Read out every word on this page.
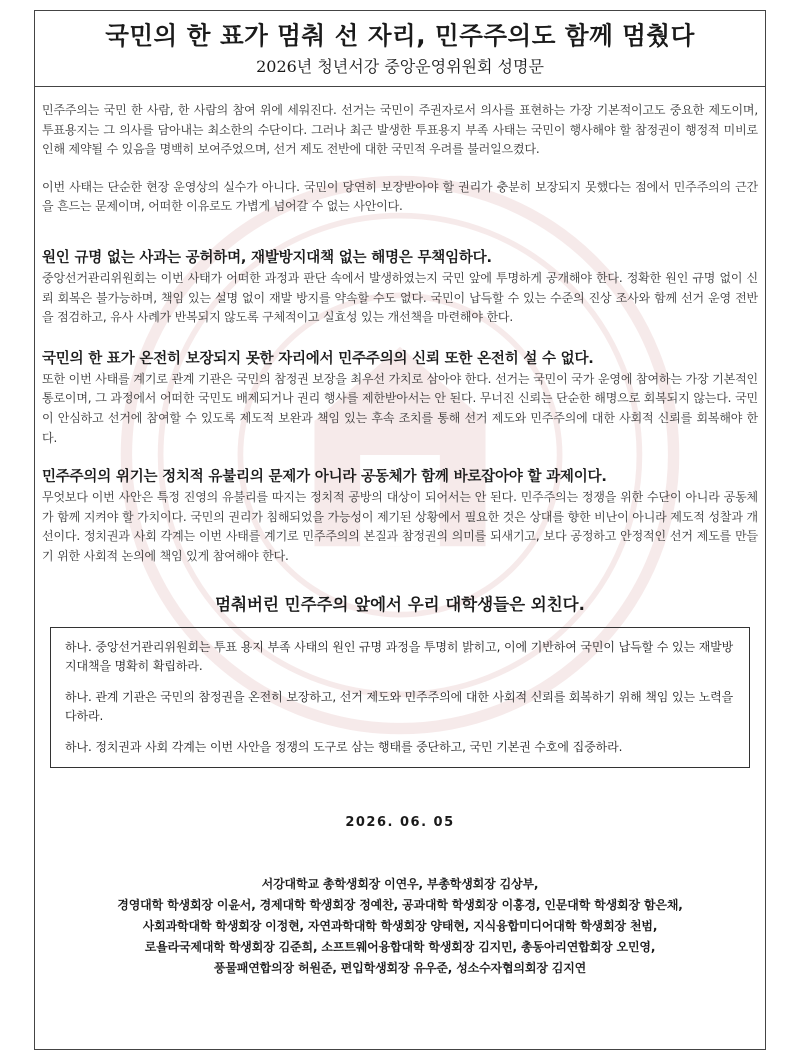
국민의 한 표가 멈춰 선 자리, 민주주의도 함께 멈췄다

2026년 청년서강 중앙운영위원회 성명문

민주주의는 국민 한 사람, 한 사람의 참여 위에 세워진다. 선거는 국민이 주권자로서 의사를 표현하는 가장 기본적이고도 중요한 제도이며, 투표용지는 그 의사를 담아내는 최소한의 수단이다. 그러나 최근 발생한 투표용지 부족 사태는 국민이 행사해야 할 참정권이 행정적 미비로 인해 제약될 수 있음을 명백히 보여주었으며, 선거 제도 전반에 대한 국민적 우려를 불러일으켰다.

이번 사태는 단순한 현장 운영상의 실수가 아니다. 국민이 당연히 보장받아야 할 권리가 충분히 보장되지 못했다는 점에서 민주주의의 근간을 흔드는 문제이며, 어떠한 이유로도 가볍게 넘어갈 수 없는 사안이다.

원인 규명 없는 사과는 공허하며, 재발방지대책 없는 해명은 무책임하다.

중앙선거관리위원회는 이번 사태가 어떠한 과정과 판단 속에서 발생하였는지 국민 앞에 투명하게 공개해야 한다. 정확한 원인 규명 없이 신뢰 회복은 불가능하며, 책임 있는 설명 없이 재발 방지를 약속할 수도 없다. 국민이 납득할 수 있는 수준의 진상 조사와 함께 선거 운영 전반을 점검하고, 유사 사례가 반복되지 않도록 구체적이고 실효성 있는 개선책을 마련해야 한다.

국민의 한 표가 온전히 보장되지 못한 자리에서 민주주의의 신뢰 또한 온전히 설 수 없다.

또한 이번 사태를 계기로 관계 기관은 국민의 참정권 보장을 최우선 가치로 삼아야 한다. 선거는 국민이 국가 운영에 참여하는 가장 기본적인 통로이며, 그 과정에서 어떠한 국민도 배제되거나 권리 행사를 제한받아서는 안 된다. 무너진 신뢰는 단순한 해명으로 회복되지 않는다. 국민이 안심하고 선거에 참여할 수 있도록 제도적 보완과 책임 있는 후속 조치를 통해 선거 제도와 민주주의에 대한 사회적 신뢰를 회복해야 한다.

민주주의의 위기는 정치적 유불리의 문제가 아니라 공동체가 함께 바로잡아야 할 과제이다.

무엇보다 이번 사안은 특정 진영의 유불리를 따지는 정치적 공방의 대상이 되어서는 안 된다. 민주주의는 정쟁을 위한 수단이 아니라 공동체가 함께 지켜야 할 가치이다. 국민의 권리가 침해되었을 가능성이 제기된 상황에서 필요한 것은 상대를 향한 비난이 아니라 제도적 성찰과 개선이다. 정치권과 사회 각계는 이번 사태를 계기로 민주주의의 본질과 참정권의 의미를 되새기고, 보다 공정하고 안정적인 선거 제도를 만들기 위한 사회적 논의에 책임 있게 참여해야 한다.

멈춰버린 민주주의 앞에서 우리 대학생들은 외친다.

하나. 중앙선거관리위원회는 투표 용지 부족 사태의 원인 규명 과정을 투명히 밝히고, 이에 기반하여 국민이 납득할 수 있는 재발방지대책을 명확히 확립하라.

하나. 관계 기관은 국민의 참정권을 온전히 보장하고, 선거 제도와 민주주의에 대한 사회적 신뢰를 회복하기 위해 책임 있는 노력을 다하라.

하나. 정치권과 사회 각계는 이번 사안을 정쟁의 도구로 삼는 행태를 중단하고, 국민 기본권 수호에 집중하라.

2026. 06. 05

서강대학교 총학생회장 이연우, 부총학생회장 김상부,
경영대학 학생회장 이윤서, 경제대학 학생회장 정예찬, 공과대학 학생회장 이홍경, 인문대학 학생회장 함은채,
사회과학대학 학생회장 이정현, 자연과학대학 학생회장 양태현, 지식융합미디어대학 학생회장 천범,
로욜라국제대학 학생회장 김준희, 소프트웨어융합대학 학생회장 김지민, 총동아리연합회장 오민영,
풍물패연합의장 허원준, 편입학생회장 유우준, 성소수자협의회장 김지연
